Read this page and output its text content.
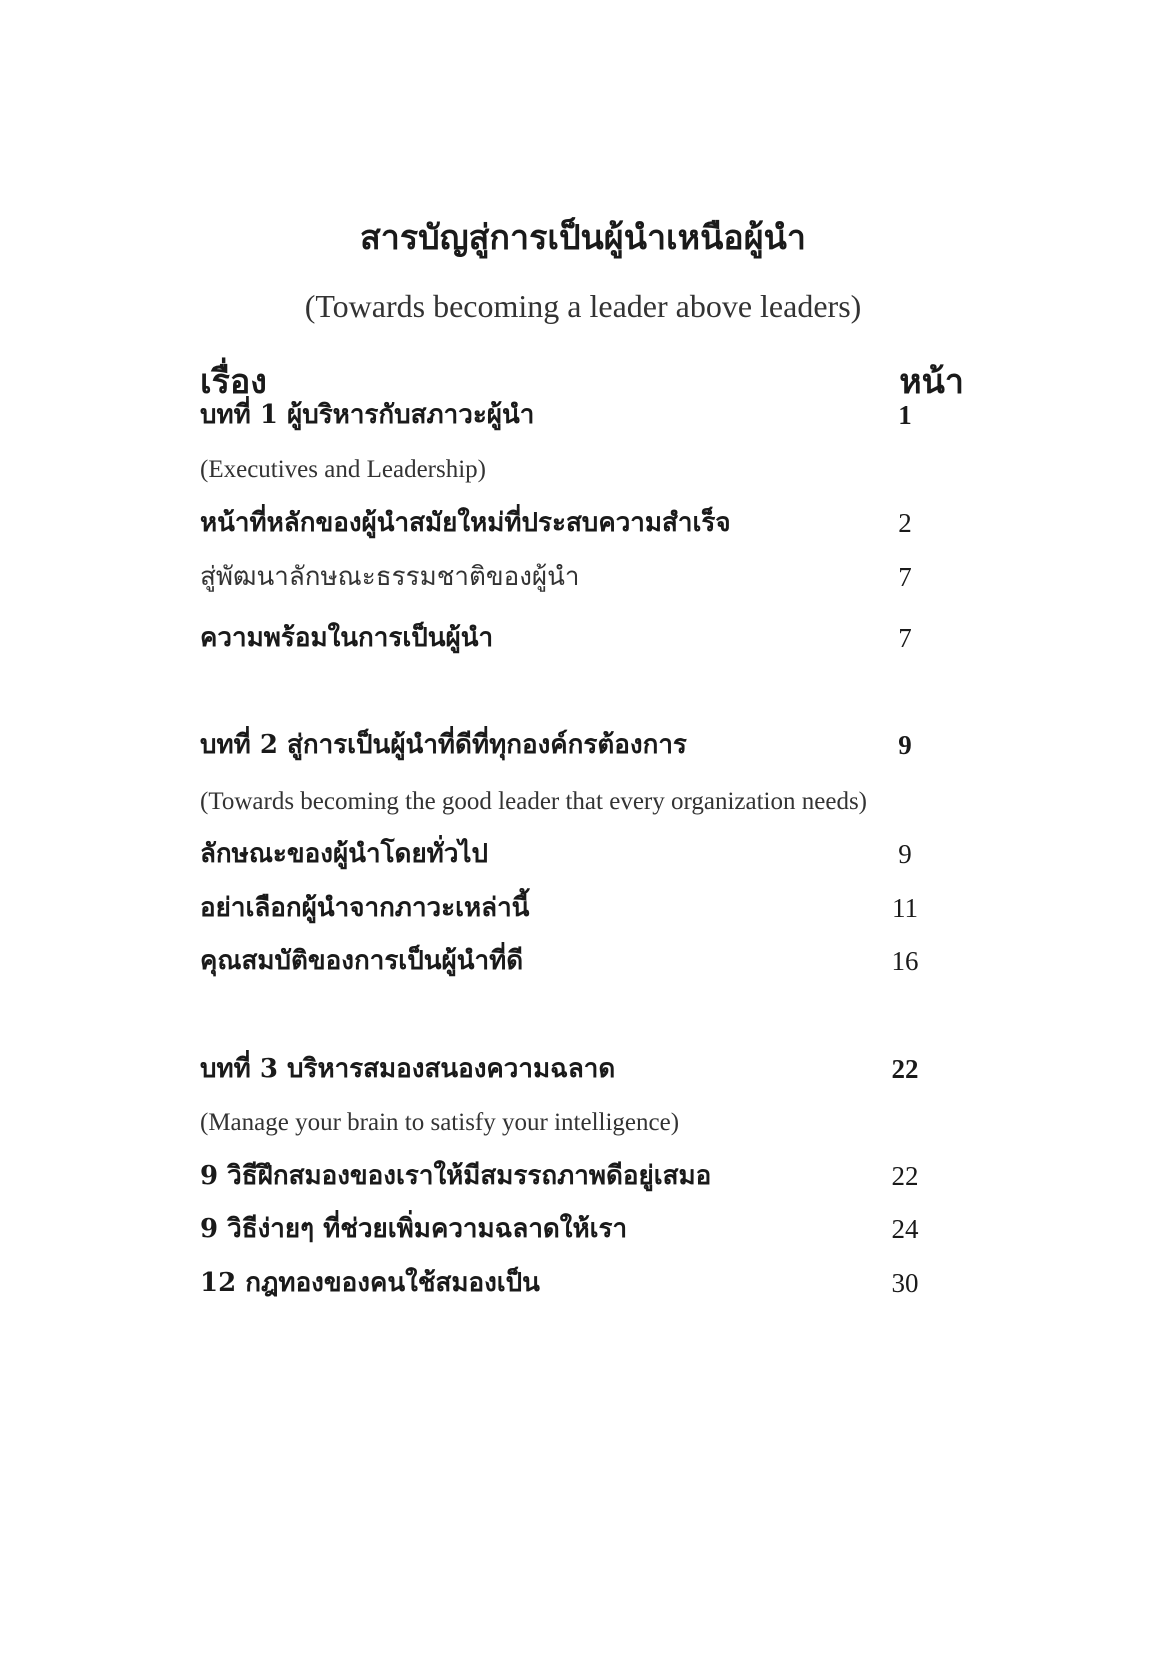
สารบัญสู่การเป็นผู้นำเหนือผู้นำ
(Towards becoming a leader above leaders)
เรื่อง	หน้า
บทที่ 1 ผู้บริหารกับสภาวะผู้นำ	1
(Executives and Leadership)
หน้าที่หลักของผู้นำสมัยใหม่ที่ประสบความสำเร็จ	2
สู่พัฒนาลักษณะธรรมชาติของผู้นำ	7
ความพร้อมในการเป็นผู้นำ	7
บทที่ 2 สู่การเป็นผู้นำที่ดีที่ทุกองค์กรต้องการ	9
(Towards becoming the good leader that every organization needs)
ลักษณะของผู้นำโดยทั่วไป	9
อย่าเลือกผู้นำจากภาวะเหล่านี้	11
คุณสมบัติของการเป็นผู้นำที่ดี	16
บทที่ 3 บริหารสมองสนองความฉลาด	22
(Manage your brain to satisfy your intelligence)
9 วิธีฝึกสมองของเราให้มีสมรรถภาพดีอยู่เสมอ	22
9 วิธีง่ายๆ ที่ช่วยเพิ่มความฉลาดให้เรา	24
12 กฎทองของคนใช้สมองเป็น	30
